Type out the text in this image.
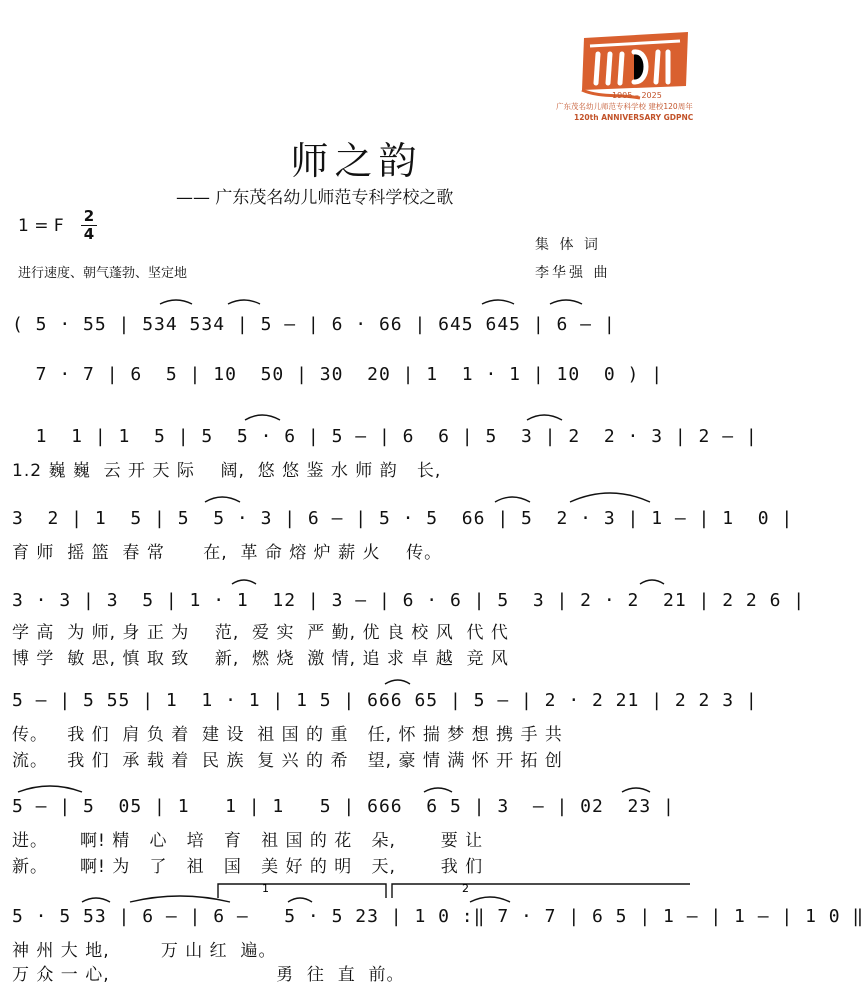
1905 – 2025
广东茂名幼儿师范专科学校 建校120周年
120th ANNIVERSARY GDPNC
师之韵
—— 广东茂名幼儿师范专科学校之歌
1 = F 2
4
进行速度、朝气蓬勃、坚定地
集 体 词
李华强 曲
( 5 · 55 | 534 534 | 5 – | 6 · 66 | 645 645 | 6 – |
7 · 7 | 6  5 | 10  50 | 30  20 | 1  1 · 1 | 10  0 ) |
1  1 | 1  5 | 5  5 · 6 | 5 – | 6  6 | 5  3 | 2  2 · 3 | 2 – |
1.2 巍 巍  云 开 天 际    阔,  悠 悠 鉴 水 师 韵   长,
3  2 | 1  5 | 5  5 · 3 | 6 – | 5 · 5  66 | 5  2 · 3 | 1 – | 1  0 |
育 师  摇 篮  春 常      在,  革 命 熔 炉 薪 火    传。
3 · 3 | 3  5 | 1 · 1  12 | 3 – | 6 · 6 | 5  3 | 2 · 2  21 | 2 2 6 |
学 高  为 师, 身 正 为    范,  爱 实  严 勤, 优 良 校 风  代 代
博 学  敏 思, 慎 取 致    新,  燃 烧  激 情, 追 求 卓 越  竞 风
5 – | 5 55 | 1  1 · 1 | 1 5 | 666 65 | 5 – | 2 · 2 21 | 2 2 3 |
传。   我 们  肩 负 着  建 设  祖 国 的 重   任, 怀 揣 梦 想 携 手 共
流。   我 们  承 载 着  民 族  复 兴 的 希   望, 豪 情 满 怀 开 拓 创
5 – | 5  05 | 1   1 | 1   5 | 666  6 5 | 3  – | 02  23 |
进。     啊! 精   心   培   育   祖 国 的 花   朵,       要 让
新。     啊! 为   了   祖   国   美 好 的 明   天,       我 们
5 · 5 53 | 6 – | 6 –   5 · 5 23 | 1 0 :‖ 7 · 7 | 6 5 | 1 – | 1 – | 1 0 ‖
神 州 大 地,        万 山 红  遍。
万 众 一 心,                          勇  往  直  前。
1	2
